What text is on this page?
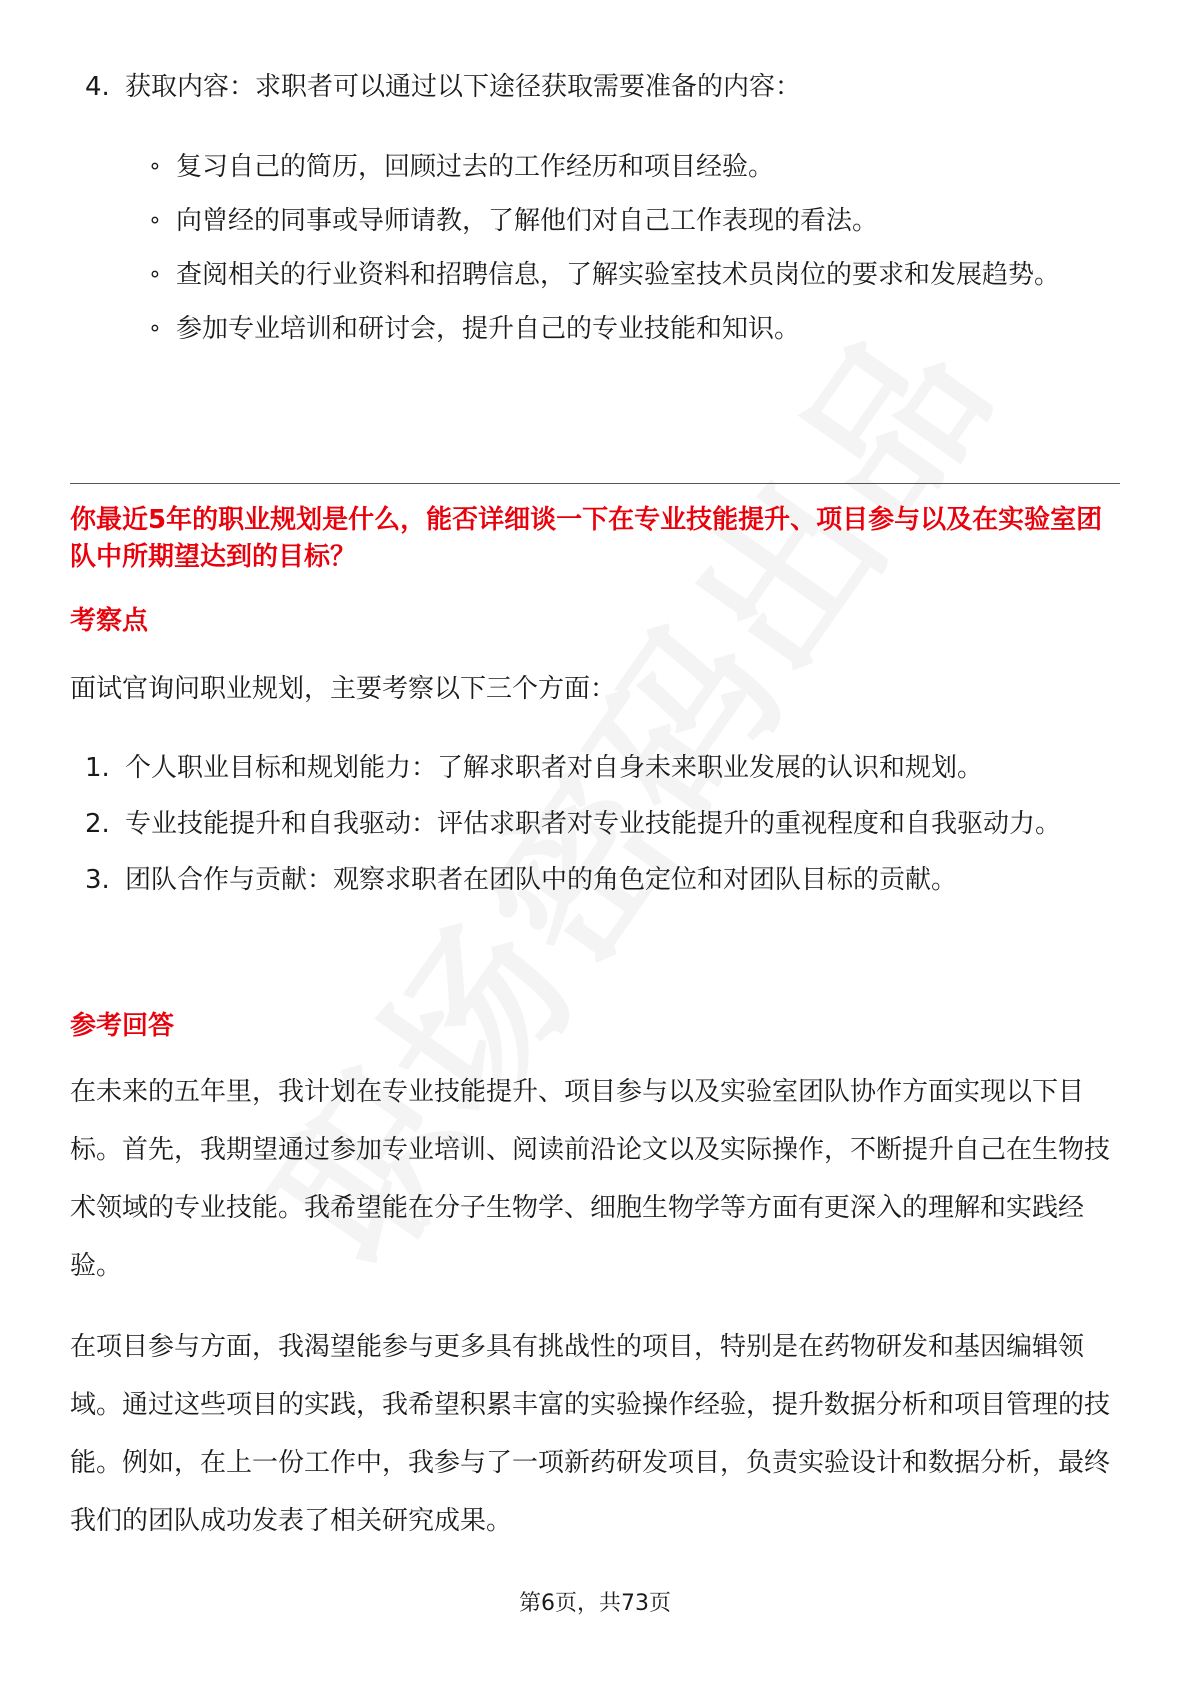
4. 获取内容：求职者可以通过以下途径获取需要准备的内容：
∘ 复习自己的简历，回顾过去的工作经历和项目经验。
∘ 向曾经的同事或导师请教，了解他们对自己工作表现的看法。
∘ 查阅相关的行业资料和招聘信息，了解实验室技术员岗位的要求和发展趋势。
∘ 参加专业培训和研讨会，提升自己的专业技能和知识。
你最近5年的职业规划是什么，能否详细谈一下在专业技能提升、项目参与以及在实验室团队中所期望达到的目标？
考察点
面试官询问职业规划，主要考察以下三个方面：
1. 个人职业目标和规划能力：了解求职者对自身未来职业发展的认识和规划。
2. 专业技能提升和自我驱动：评估求职者对专业技能提升的重视程度和自我驱动力。
3. 团队合作与贡献：观察求职者在团队中的角色定位和对团队目标的贡献。
参考回答
在未来的五年里，我计划在专业技能提升、项目参与以及实验室团队协作方面实现以下目标。首先，我期望通过参加专业培训、阅读前沿论文以及实际操作，不断提升自己在生物技术领域的专业技能。我希望能在分子生物学、细胞生物学等方面有更深入的理解和实践经验。
在项目参与方面，我渴望能参与更多具有挑战性的项目，特别是在药物研发和基因编辑领域。通过这些项目的实践，我希望积累丰富的实验操作经验，提升数据分析和项目管理的技能。例如，在上一份工作中，我参与了一项新药研发项目，负责实验设计和数据分析，最终我们的团队成功发表了相关研究成果。
第6页，共73页
